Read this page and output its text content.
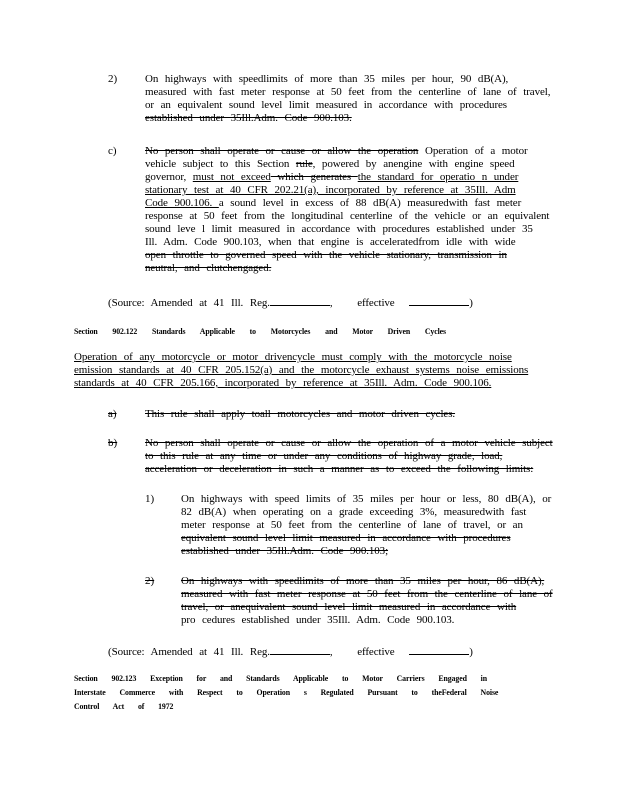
2)	On highways with speedlimits of more than 35 miles per hour, 90 dB(A),
measured with fast meter response at 50 feet from the centerline of lane of travel,
or an equivalent sound level limit measured in accordance with procedures
established under 35Ill.Adm. Code 900.103.
c)	No person shall operate or cause or allow the operation Operation of a motor
vehicle subject to this Section rule, powered by anengine with engine speed
governor, must not exceed which generates the standard for operatio n under
stationary test at 40 CFR 202.21(a), incorporated by reference at 35Ill. Adm
Code 900.106. a sound level in excess of 88 dB(A) measuredwith fast meter
response at 50 feet from the longitudinal centerline of the vehicle or an equivalent
sound leve l limit measured in accordance with procedures established under 35
Ill. Adm. Code 900.103, when that engine is acceleratedfrom idle with wide
open throttle to governed speed with the vehicle stationary, transmission in
neutral, and clutchengaged.
(Source: Amended at 41 Ill. Reg.	, effective	)
Section 902.122 Standards Applicable to Motorcycles and Motor Driven Cycles
Operation of any motorcycle or motor drivencycle must comply with the motorcycle noise
emission standards at 40 CFR 205.152(a) and the motorcycle exhaust systems noise emissions
standards at 40 CFR 205.166, incorporated by reference at 35Ill. Adm. Code 900.106.
a)	This rule shall apply toall motorcycles and motor driven cycles.
b)	No person shall operate or cause or allow the operation of a motor vehicle subject
to this rule at any time or under any conditions of highway grade, load,
acceleration or deceleration in such a manner as to exceed the following limits:
1) On highways with speed limits of 35 miles per hour or less, 80 dB(A), or
82 dB(A) when operating on a grade exceeding 3%, measuredwith fast
meter response at 50 feet from the centerline of lane of travel, or an
equivalent sound level limit measured in accordance with procedures
established under 35Ill.Adm. Code 900.103;
2) On highways with speedlimits of more than 35 miles per hour, 86 dB(A),
measured with fast meter response at 50 feet from the centerline of lane of
travel, or anequivalent sound level limit measured in accordance with
pro cedures established under 35Ill. Adm. Code 900.103.
(Source: Amended at 41 Ill. Reg.	, effective	)
Section 902.123 Exception for and Standards Applicable to Motor Carriers Engaged in
Interstate Commerce with Respect to Operation s Regulated Pursuant to theFederal Noise
Control Act of 1972
